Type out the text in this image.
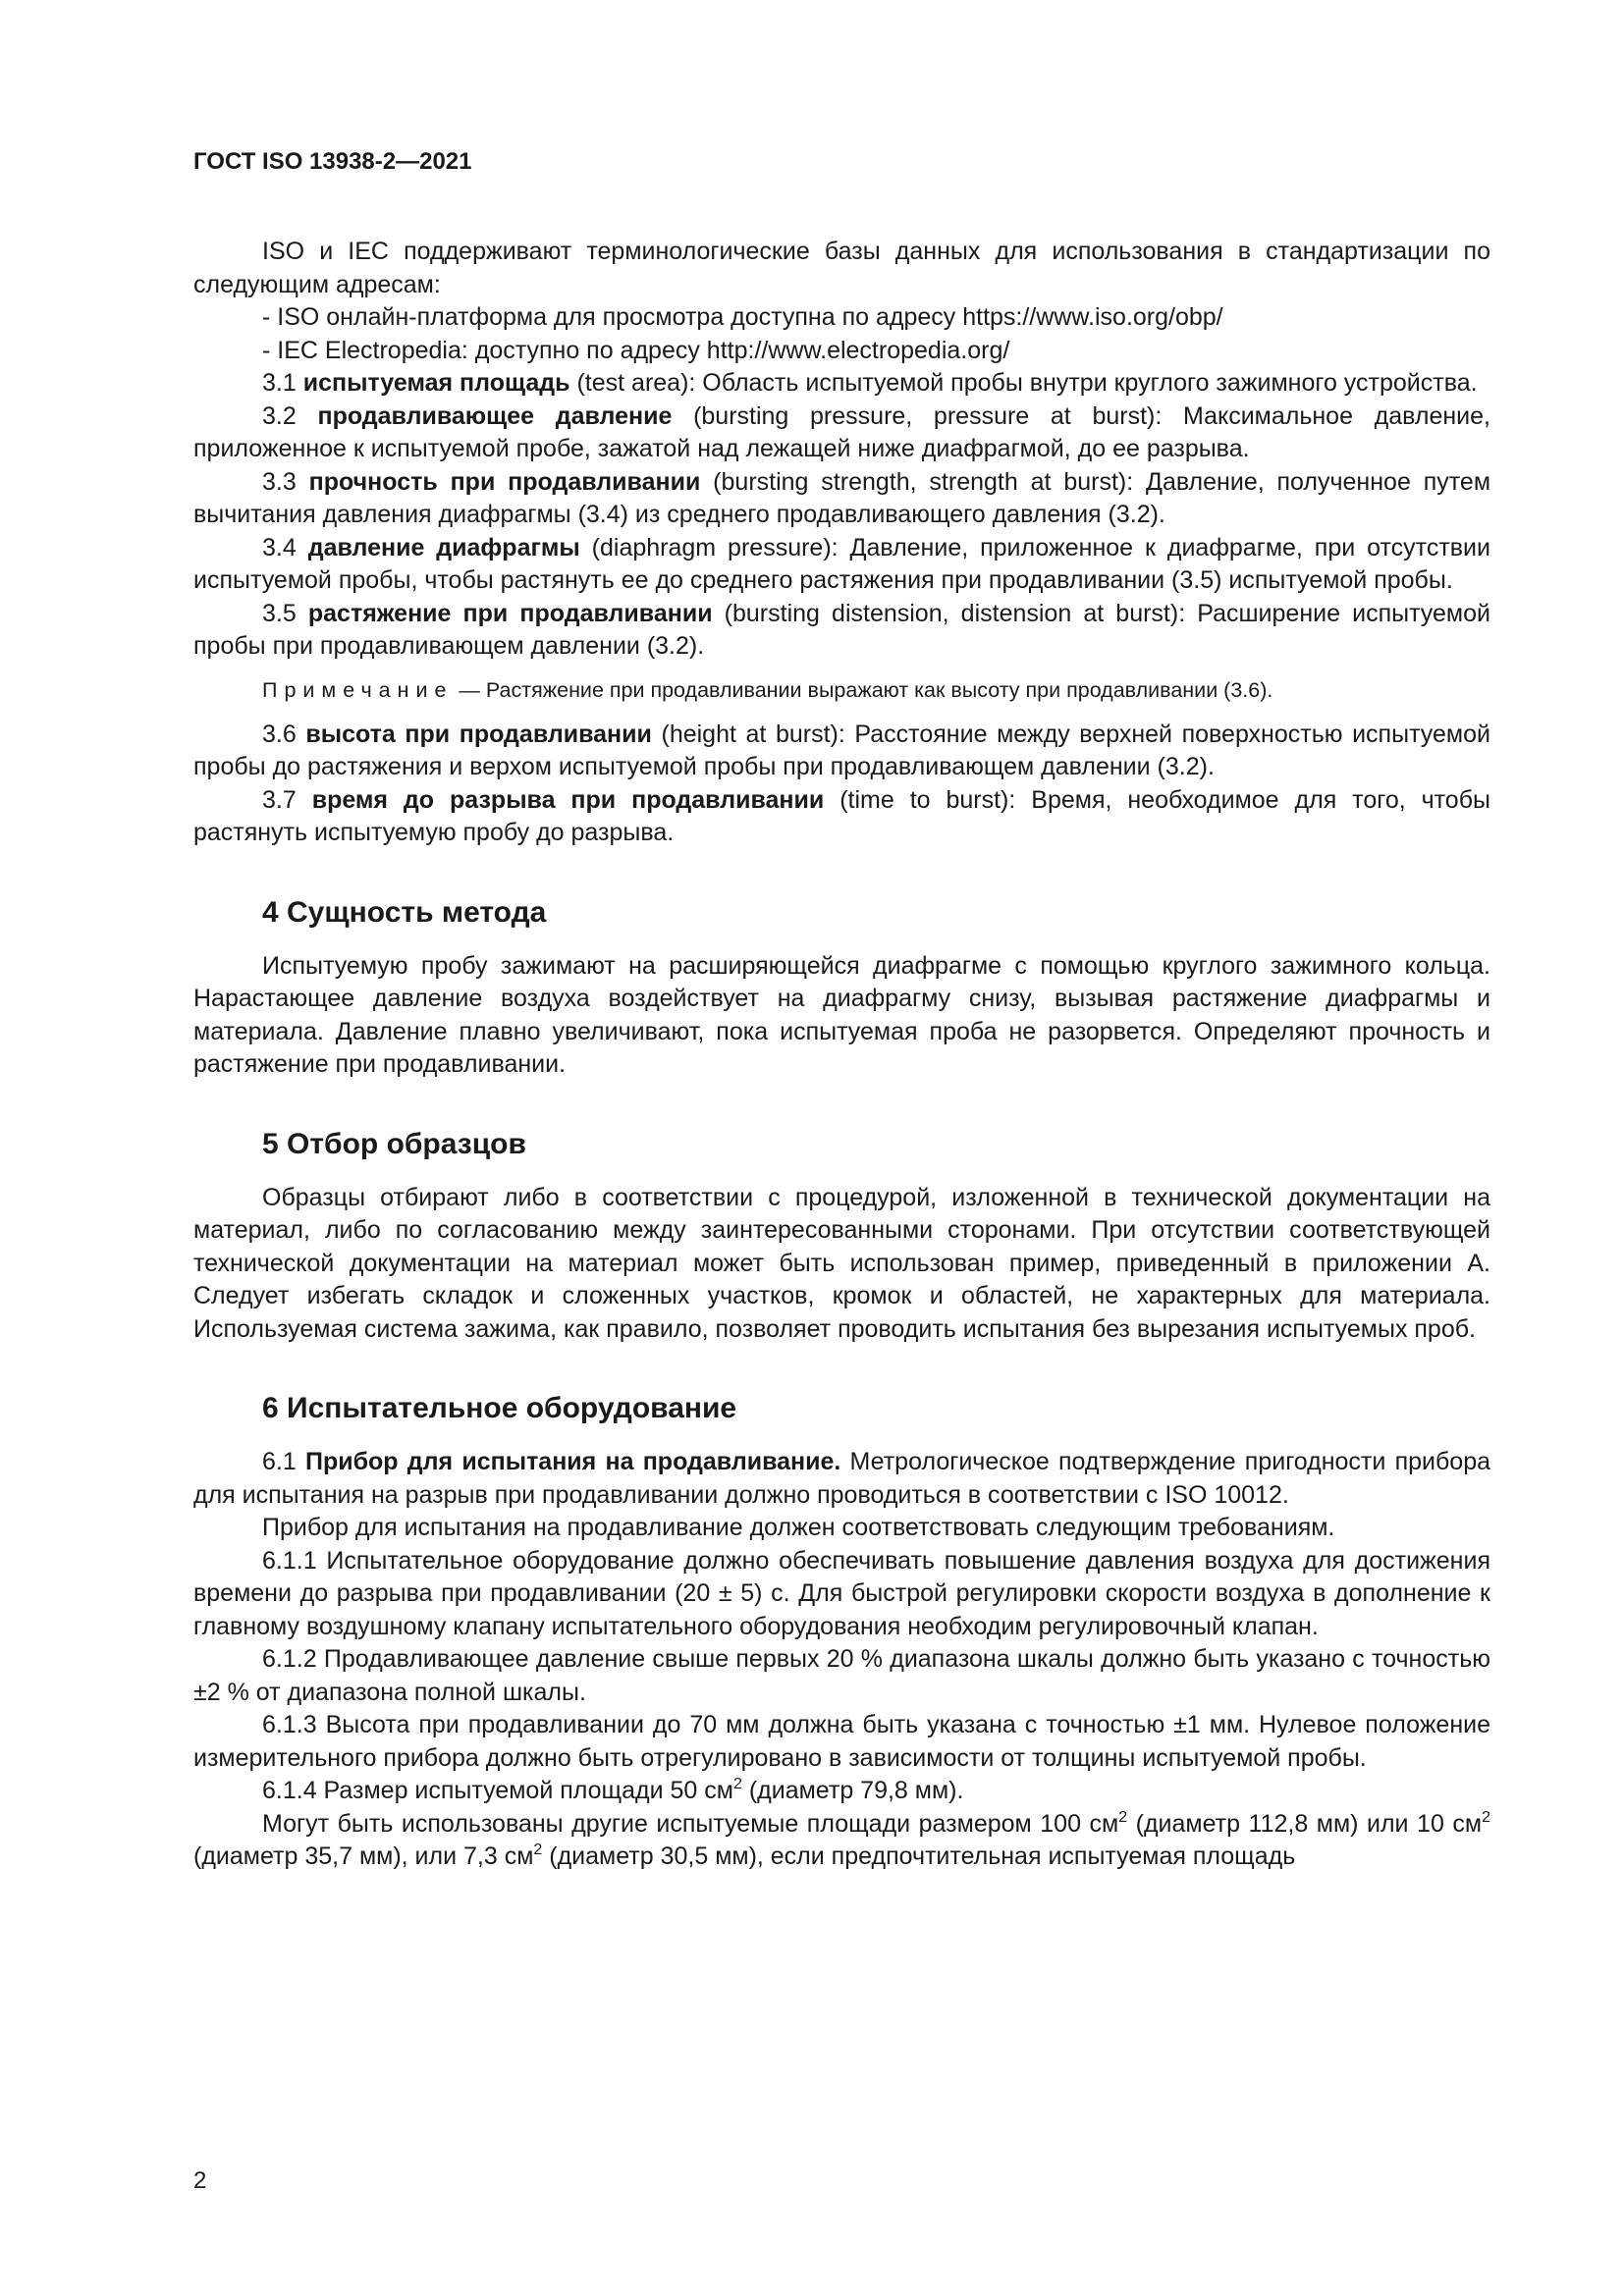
ГОСТ ISO 13938-2—2021

ISO и IEC поддерживают терминологические базы данных для использования в стандартизации по следующим адресам:

- ISO онлайн-платформа для просмотра доступна по адресу https://www.iso.org/obp/

- IEC Electropedia: доступно по адресу http://www.electropedia.org/

3.1 испытуемая площадь (test area): Область испытуемой пробы внутри круглого зажимного устройства.

3.2 продавливающее давление (bursting pressure, pressure at burst): Максимальное давление, приложенное к испытуемой пробе, зажатой над лежащей ниже диафрагмой, до ее разрыва.

3.3 прочность при продавливании (bursting strength, strength at burst): Давление, полученное путем вычитания давления диафрагмы (3.4) из среднего продавливающего давления (3.2).

3.4 давление диафрагмы (diaphragm pressure): Давление, приложенное к диафрагме, при отсутствии испытуемой пробы, чтобы растянуть ее до среднего растяжения при продавливании (3.5) испытуемой пробы.

3.5 растяжение при продавливании (bursting distension, distension at burst): Расширение испытуемой пробы при продавливающем давлении (3.2).

Примечание — Растяжение при продавливании выражают как высоту при продавливании (3.6).

3.6 высота при продавливании (height at burst): Расстояние между верхней поверхностью испытуемой пробы до растяжения и верхом испытуемой пробы при продавливающем давлении (3.2).

3.7 время до разрыва при продавливании (time to burst): Время, необходимое для того, чтобы растянуть испытуемую пробу до разрыва.

4 Сущность метода

Испытуемую пробу зажимают на расширяющейся диафрагме с помощью круглого зажимного кольца. Нарастающее давление воздуха воздействует на диафрагму снизу, вызывая растяжение диафрагмы и материала. Давление плавно увеличивают, пока испытуемая проба не разорвется. Определяют прочность и растяжение при продавливании.

5 Отбор образцов

Образцы отбирают либо в соответствии с процедурой, изложенной в технической документации на материал, либо по согласованию между заинтересованными сторонами. При отсутствии соответствующей технической документации на материал может быть использован пример, приведенный в приложении А. Следует избегать складок и сложенных участков, кромок и областей, не характерных для материала. Используемая система зажима, как правило, позволяет проводить испытания без вырезания испытуемых проб.

6 Испытательное оборудование

6.1 Прибор для испытания на продавливание. Метрологическое подтверждение пригодности прибора для испытания на разрыв при продавливании должно проводиться в соответствии с ISO 10012.

Прибор для испытания на продавливание должен соответствовать следующим требованиям.

6.1.1 Испытательное оборудование должно обеспечивать повышение давления воздуха для достижения времени до разрыва при продавливании (20 ± 5) с. Для быстрой регулировки скорости воздуха в дополнение к главному воздушному клапану испытательного оборудования необходим регулировочный клапан.

6.1.2 Продавливающее давление свыше первых 20 % диапазона шкалы должно быть указано с точностью ±2 % от диапазона полной шкалы.

6.1.3 Высота при продавливании до 70 мм должна быть указана с точностью ±1 мм. Нулевое положение измерительного прибора должно быть отрегулировано в зависимости от толщины испытуемой пробы.

6.1.4 Размер испытуемой площади 50 $см^2$ (диаметр 79,8 мм).

Могут быть использованы другие испытуемые площади размером 100 $см^2$ (диаметр 112,8 мм) или 10 $см^2$ (диаметр 35,7 мм), или 7,3 $см^2$ (диаметр 30,5 мм), если предпочтительная испытуемая площадь

2
